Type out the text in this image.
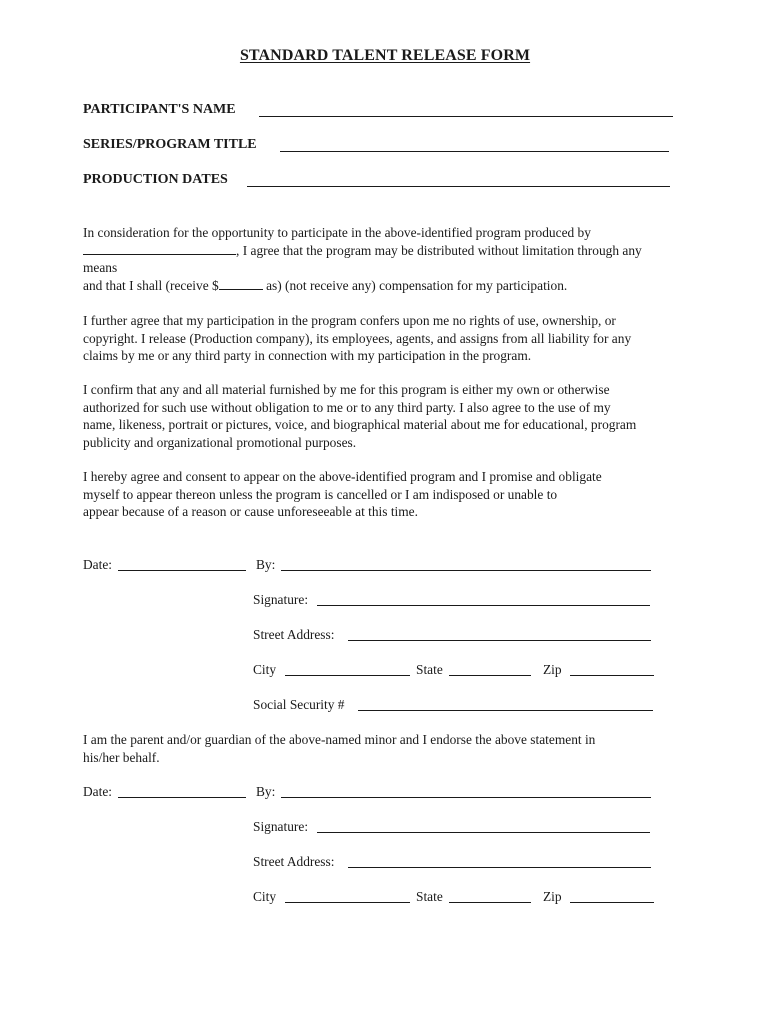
STANDARD TALENT RELEASE FORM
PARTICIPANT'S NAME
SERIES/PROGRAM TITLE
PRODUCTION DATES
In consideration for the opportunity to participate in the above-identified program produced by
, I agree that the program may be distributed without limitation through any
means
and that I shall (receive $	as) (not receive any) compensation for my participation.
I further agree that my participation in the program confers upon me no rights of use, ownership, or
copyright. I release (Production company), its employees, agents, and assigns from all liability for any
claims by me or any third party in connection with my participation in the program.
I confirm that any and all material furnished by me for this program is either my own or otherwise
authorized for such use without obligation to me or to any third party. I also agree to the use of my
name, likeness, portrait or pictures, voice, and biographical material about me for educational, program
publicity and organizational promotional purposes.
I hereby agree and consent to appear on the above-identified program and I promise and obligate
myself to appear thereon unless the program is cancelled or I am indisposed or unable to
appear because of a reason or cause unforeseeable at this time.
Date:	By:
Signature:
Street Address:
City	State	Zip
Social Security #
I am the parent and/or guardian of the above-named minor and I endorse the above statement in
his/her behalf.
Date:	By:
Signature:
Street Address:
City	State	Zip
